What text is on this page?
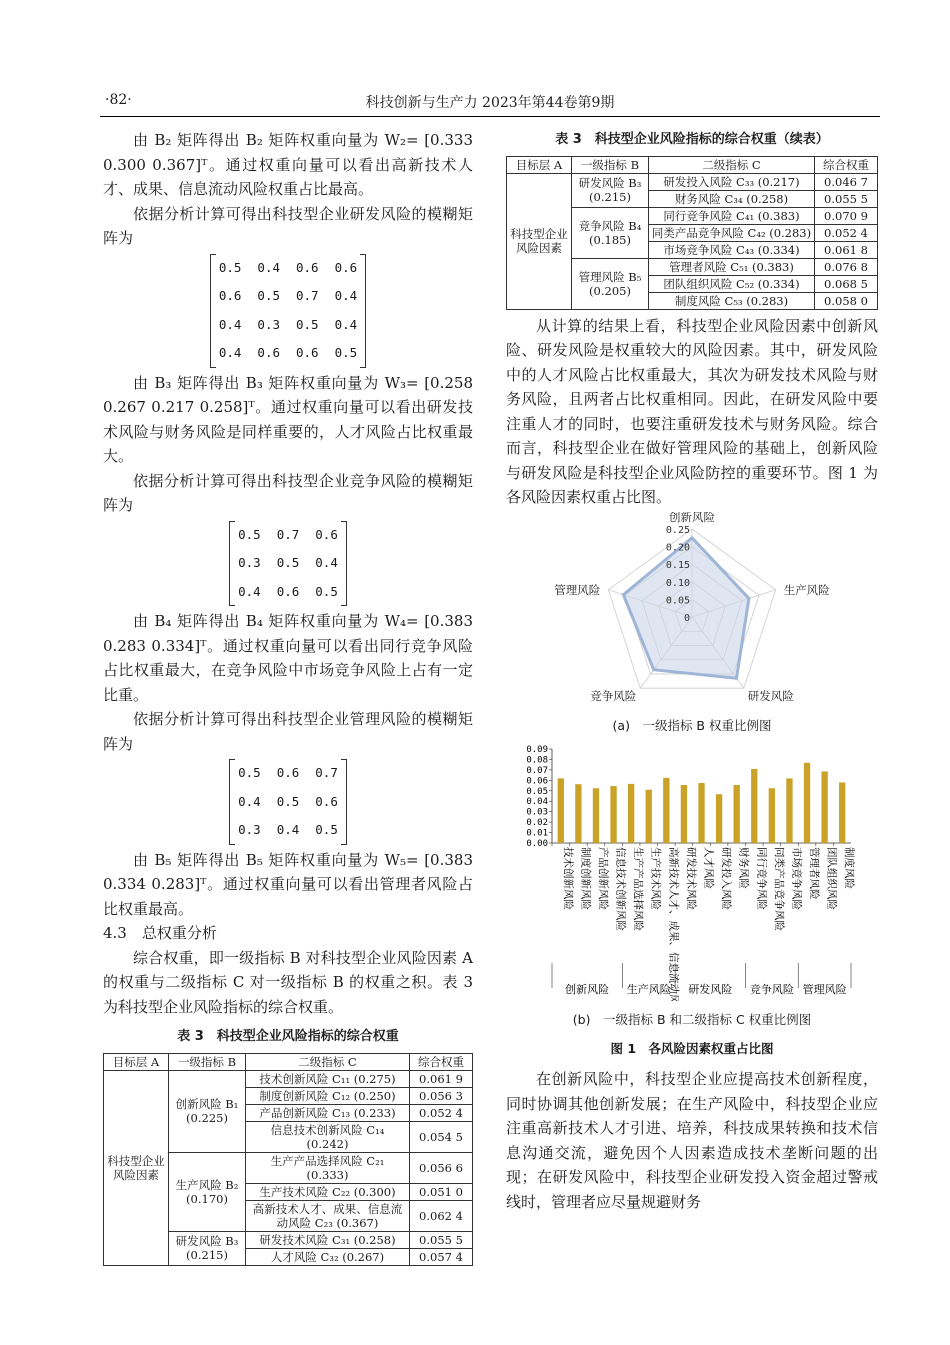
·82·	科技创新与生产力 2023年第44卷第9期

由 B₂ 矩阵得出 B₂ 矩阵权重向量为 W₂= [0.333 0.300 0.367]ᵀ。通过权重向量可以看出高新技术人才、成果、信息流动风险权重占比最高。

依据分析计算可得出科技型企业研发风险的模糊矩阵为

0.5	0.4	0.6	0.6
0.6	0.5	0.7	0.4
0.4	0.3	0.5	0.4
0.4	0.6	0.6	0.5

由 B₃ 矩阵得出 B₃ 矩阵权重向量为 W₃= [0.258 0.267 0.217 0.258]ᵀ。通过权重向量可以看出研发技术风险与财务风险是同样重要的，人才风险占比权重最大。

依据分析计算可得出科技型企业竞争风险的模糊矩阵为

0.5	0.7	0.6
0.3	0.5	0.4
0.4	0.6	0.5

由 B₄ 矩阵得出 B₄ 矩阵权重向量为 W₄= [0.383 0.283 0.334]ᵀ。通过权重向量可以看出同行竞争风险占比权重最大，在竞争风险中市场竞争风险上占有一定比重。

依据分析计算可得出科技型企业管理风险的模糊矩阵为

0.5	0.6	0.7
0.4	0.5	0.6
0.3	0.4	0.5

由 B₅ 矩阵得出 B₅ 矩阵权重向量为 W₅= [0.383 0.334 0.283]ᵀ。通过权重向量可以看出管理者风险占比权重最高。

4.3　总权重分析

综合权重，即一级指标 B 对科技型企业风险因素 A 的权重与二级指标 C 对一级指标 B 的权重之积。表 3 为科技型企业风险指标的综合权重。

表 3　科技型企业风险指标的综合权重
目标层 A	一级指标 B	二级指标 C	综合权重
科技型企业风险因素	创新风险 B₁ (0.225)	技术创新风险 C₁₁ (0.275)	0.061 9
		制度创新风险 C₁₂ (0.250)	0.056 3
		产品创新风险 C₁₃ (0.233)	0.052 4
		信息技术创新风险 C₁₄ (0.242)	0.054 5
	生产风险 B₂ (0.170)	生产产品选择风险 C₂₁ (0.333)	0.056 6
		生产技术风险 C₂₂ (0.300)	0.051 0
		高新技术人才、成果、信息流动风险 C₂₃ (0.367)	0.062 4
	研发风险 B₃ (0.215)	研发技术风险 C₃₁ (0.258)	0.055 5
		人才风险 C₃₂ (0.267)	0.057 4
表 3　科技型企业风险指标的综合权重（续表）
目标层 A	一级指标 B	二级指标 C	综合权重
科技型企业风险因素	研发风险 B₃ (0.215)	研发投入风险 C₃₃ (0.217)	0.046 7
		财务风险 C₃₄ (0.258)	0.055 5
	竞争风险 B₄ (0.185)	同行竞争风险 C₄₁ (0.383)	0.070 9
		同类产品竞争风险 C₄₂ (0.283)	0.052 4
		市场竞争风险 C₄₃ (0.334)	0.061 8
	管理风险 B₅ (0.205)	管理者风险 C₅₁ (0.383)	0.076 8
		团队组织风险 C₅₂ (0.334)	0.068 5
		制度风险 C₅₃ (0.283)	0.058 0

从计算的结果上看，科技型企业风险因素中创新风险、研发风险是权重较大的风险因素。其中，研发风险中的人才风险占比权重最大，其次为研发技术风险与财务风险，且两者占比权重相同。因此，在研发风险中要注重人才的同时，也要注重研发技术与财务风险。综合而言，科技型企业在做好管理风险的基础上，创新风险与研发风险是科技型企业风险防控的重要环节。图 1 为各风险因素权重占比图。

0
0.05
0.10
0.15
0.20
0.25
创新风险
生产风险
研发风险
竞争风险
管理风险
(a)　一级指标 B 权重比例图
0.00
0.01
0.02
0.03
0.04
0.05
0.06
0.07
0.08
0.09
技术创新风险 制度创新风险 产品创新风险 信息技术创新风险 生产产品选择风险 生产技术风险 高新技术人才、成果、信息流动风险 研发技术风险 人才风险 研发投入风险 财务风险 同行竞争风险 同类产品竞争风险 市场竞争风险 管理者风险 团队组织风险 制度风险
创新风险 生产风险 研发风险 竞争风险 管理风险
(b)　一级指标 B 和二级指标 C 权重比例图
图 1　各风险因素权重占比图

在创新风险中，科技型企业应提高技术创新程度，同时协调其他创新发展；在生产风险中，科技型企业应注重高新技术人才引进、培养，科技成果转换和技术信息沟通交流，避免因个人因素造成技术垄断问题的出现；在研发风险中，科技型企业研发投入资金超过警戒线时，管理者应尽量规避财务
